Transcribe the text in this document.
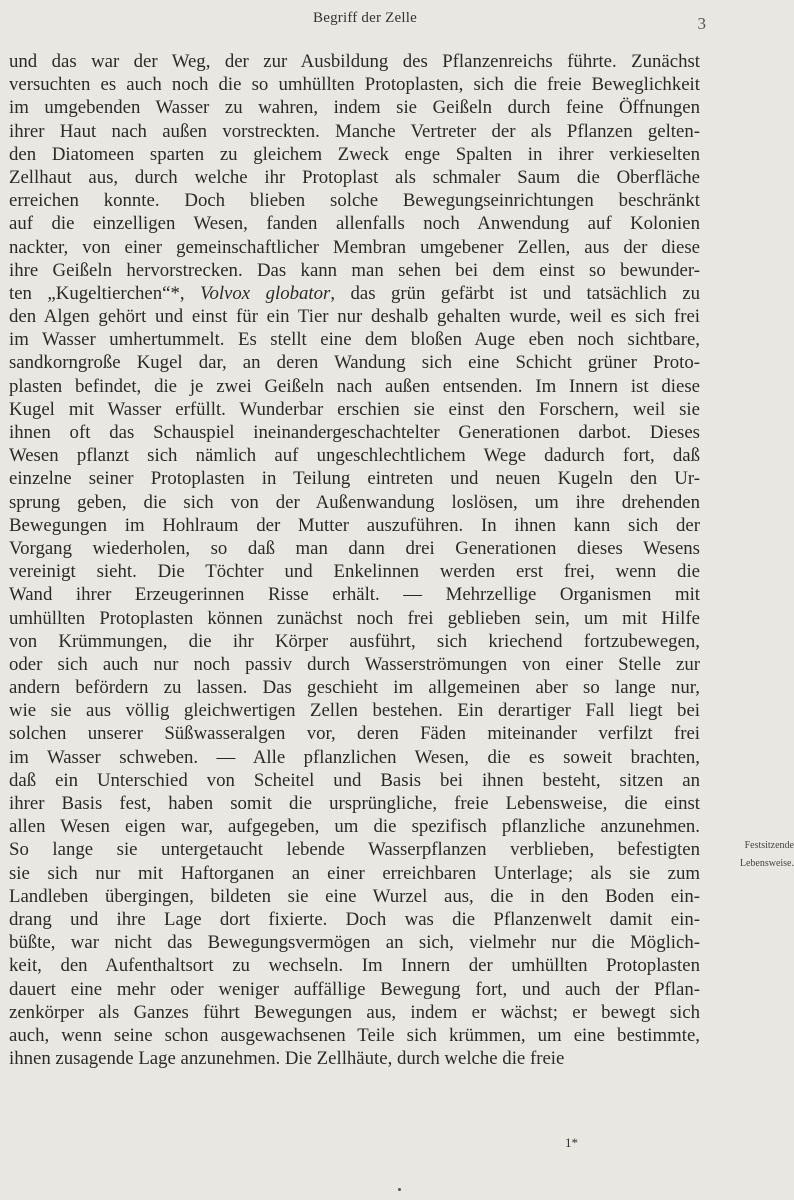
Begriff der Zelle	3
und das war der Weg, der zur Ausbildung des Pflanzenreichs führte. Zunächst
versuchten es auch noch die so umhüllten Protoplasten, sich die freie Beweglichkeit
im umgebenden Wasser zu wahren, indem sie Geißeln durch feine Öffnungen
ihrer Haut nach außen vorstreckten. Manche Vertreter der als Pflanzen gelten-
den Diatomeen sparten zu gleichem Zweck enge Spalten in ihrer verkieselten
Zellhaut aus, durch welche ihr Protoplast als schmaler Saum die Oberfläche
erreichen konnte. Doch blieben solche Bewegungseinrichtungen beschränkt
auf die einzelligen Wesen, fanden allenfalls noch Anwendung auf Kolonien
nackter, von einer gemeinschaftlicher Membran umgebener Zellen, aus der diese
ihre Geißeln hervorstrecken. Das kann man sehen bei dem einst so bewunder-
ten „Kugeltierchen“*, Volvox globator, das grün gefärbt ist und tatsächlich zu
den Algen gehört und einst für ein Tier nur deshalb gehalten wurde, weil es sich frei
im Wasser umhertummelt. Es stellt eine dem bloßen Auge eben noch sichtbare,
sandkorngroße Kugel dar, an deren Wandung sich eine Schicht grüner Proto-
plasten befindet, die je zwei Geißeln nach außen entsenden. Im Innern ist diese
Kugel mit Wasser erfüllt. Wunderbar erschien sie einst den Forschern, weil sie
ihnen oft das Schauspiel ineinandergeschachtelter Generationen darbot. Dieses
Wesen pflanzt sich nämlich auf ungeschlechtlichem Wege dadurch fort, daß
einzelne seiner Protoplasten in Teilung eintreten und neuen Kugeln den Ur-
sprung geben, die sich von der Außenwandung loslösen, um ihre drehenden
Bewegungen im Hohlraum der Mutter auszuführen. In ihnen kann sich der
Vorgang wiederholen, so daß man dann drei Generationen dieses Wesens
vereinigt sieht. Die Töchter und Enkelinnen werden erst frei, wenn die
Wand ihrer Erzeugerinnen Risse erhält. — Mehrzellige Organismen mit
umhüllten Protoplasten können zunächst noch frei geblieben sein, um mit Hilfe
von Krümmungen, die ihr Körper ausführt, sich kriechend fortzubewegen,
oder sich auch nur noch passiv durch Wasserströmungen von einer Stelle zur
andern befördern zu lassen. Das geschieht im allgemeinen aber so lange nur,
wie sie aus völlig gleichwertigen Zellen bestehen. Ein derartiger Fall liegt bei
solchen unserer Süßwasseralgen vor, deren Fäden miteinander verfilzt frei
im Wasser schweben. — Alle pflanzlichen Wesen, die es soweit brachten,
daß ein Unterschied von Scheitel und Basis bei ihnen besteht, sitzen an
ihrer Basis fest, haben somit die ursprüngliche, freie Lebensweise, die einst
allen Wesen eigen war, aufgegeben, um die spezifisch pflanzliche anzunehmen.
So lange sie untergetaucht lebende Wasserpflanzen verblieben, befestigten
sie sich nur mit Haftorganen an einer erreichbaren Unterlage; als sie zum
Landleben übergingen, bildeten sie eine Wurzel aus, die in den Boden ein-
drang und ihre Lage dort fixierte. Doch was die Pflanzenwelt damit ein-
büßte, war nicht das Bewegungsvermögen an sich, vielmehr nur die Möglich-
keit, den Aufenthaltsort zu wechseln. Im Innern der umhüllten Protoplasten
dauert eine mehr oder weniger auffällige Bewegung fort, und auch der Pflan-
zenkörper als Ganzes führt Bewegungen aus, indem er wächst; er bewegt sich
auch, wenn seine schon ausgewachsenen Teile sich krümmen, um eine bestimmte,
ihnen zusagende Lage anzunehmen. Die Zellhäute, durch welche die freie
Festsitzende
Lebensweise.
1*
